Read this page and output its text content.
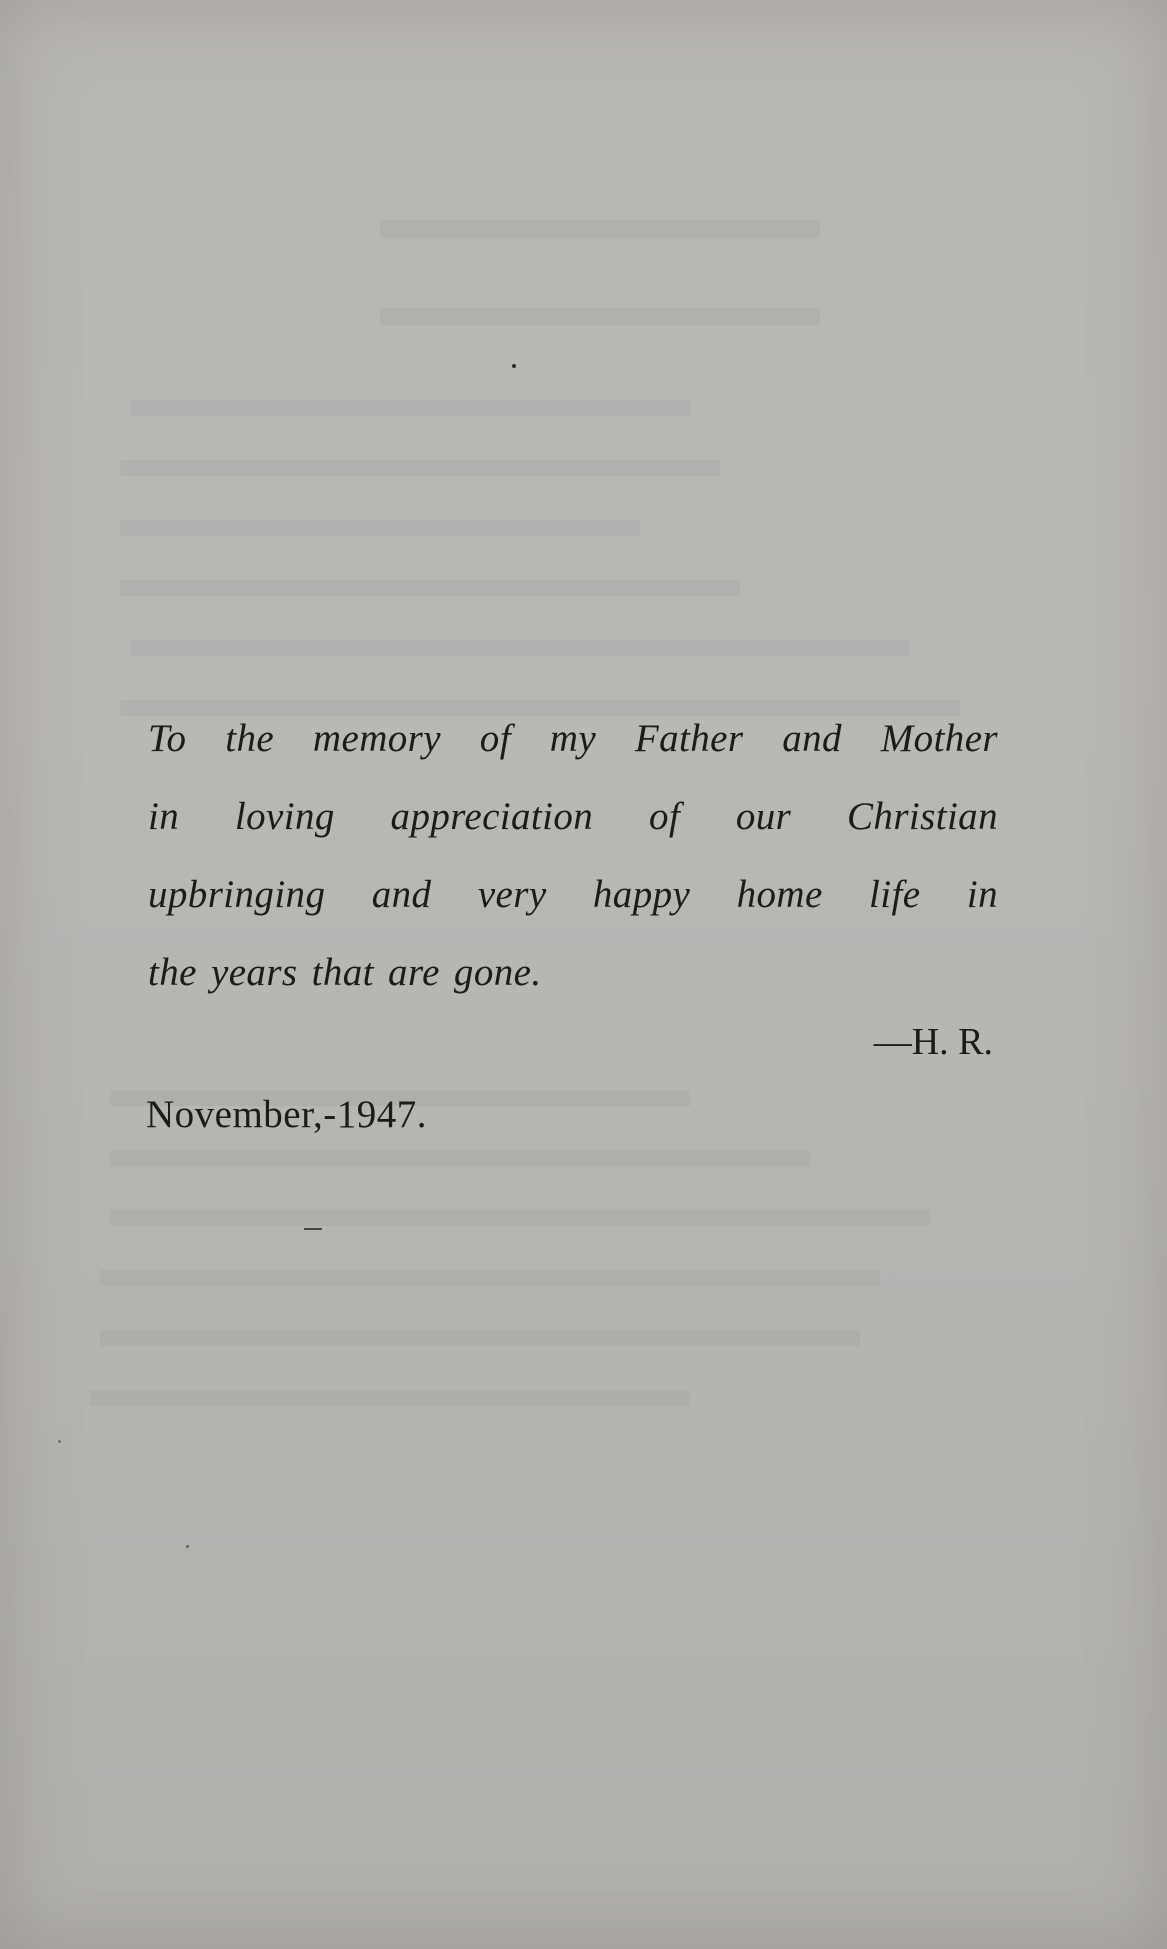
To the memory of my Father and Mother
in loving appreciation of our Christian
upbringing and very happy home life in
the years that are gone.
—H. R.
November,-1947.
